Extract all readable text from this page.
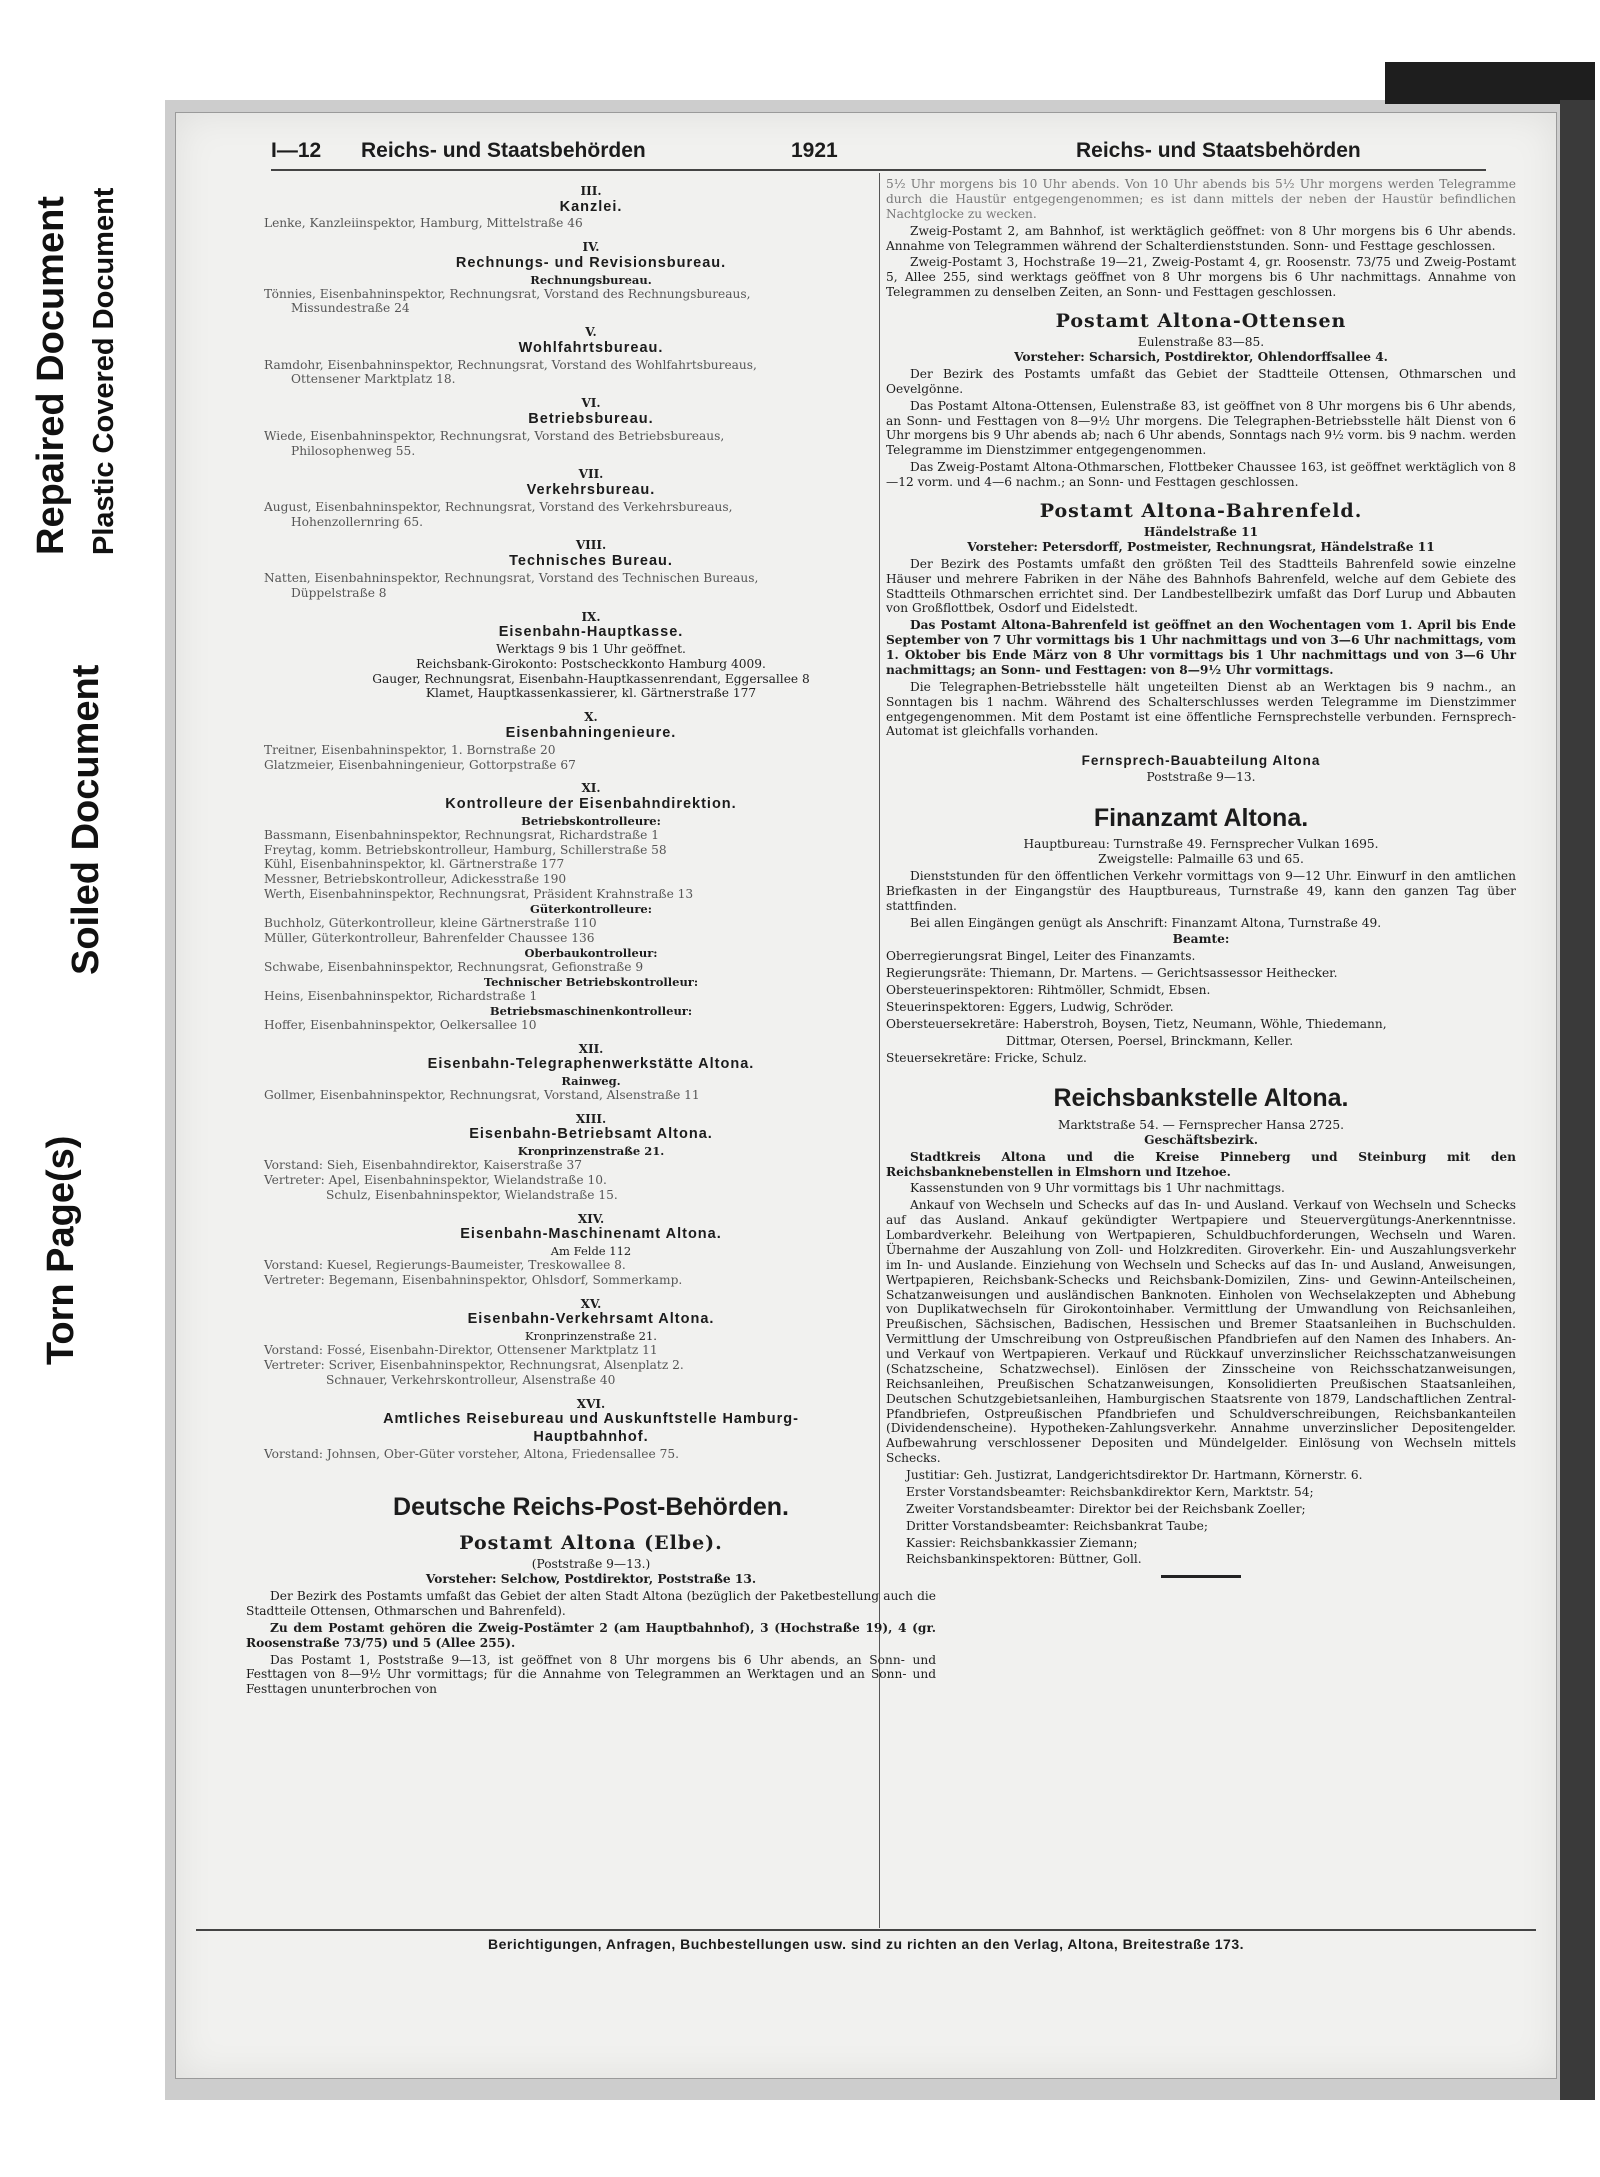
Repaired Document Plastic Covered Document
Soiled Document
Torn Page(s)
I—12 Reichs- und Staatsbehörden	1921	Reichs- und Staatsbehörden
III.
Kanzlei.
Lenke, Kanzleiinspektor, Hamburg, Mittelstraße 46
IV.
Rechnungs- und Revisionsbureau.
Rechnungsbureau.
Tönnies, Eisenbahninspektor, Rechnungsrat, Vorstand des Rechnungsbureaus,
Missundestraße 24
V.
Wohlfahrtsbureau.
Ramdohr, Eisenbahninspektor, Rechnungsrat, Vorstand des Wohlfahrtsbureaus,
Ottensener Marktplatz 18.
VI.
Betriebsbureau.
Wiede, Eisenbahninspektor, Rechnungsrat, Vorstand des Betriebsbureaus,
Philosophenweg 55.
VII.
Verkehrsbureau.
August, Eisenbahninspektor, Rechnungsrat, Vorstand des Verkehrsbureaus,
Hohenzollernring 65.
VIII.
Technisches Bureau.
Natten, Eisenbahninspektor, Rechnungsrat, Vorstand des Technischen Bureaus,
Düppelstraße 8
IX.
Eisenbahn-Hauptkasse.
Werktags 9 bis 1 Uhr geöffnet.
Reichsbank-Girokonto: Postscheckkonto Hamburg 4009.
Gauger, Rechnungsrat, Eisenbahn-Hauptkassenrendant, Eggersallee 8
Klamet, Hauptkassenkassierer, kl. Gärtnerstraße 177
X.
Eisenbahningenieure.
Treitner, Eisenbahninspektor, 1. Bornstraße 20
Glatzmeier, Eisenbahningenieur, Gottorpstraße 67
XI.
Kontrolleure der Eisenbahndirektion.
Betriebskontrolleure:
Bassmann, Eisenbahninspektor, Rechnungsrat, Richardstraße 1
Freytag, komm. Betriebskontrolleur, Hamburg, Schillerstraße 58
Kühl, Eisenbahninspektor, kl. Gärtnerstraße 177
Messner, Betriebskontrolleur, Adickesstraße 190
Werth, Eisenbahninspektor, Rechnungsrat, Präsident Krahnstraße 13
Güterkontrolleure:
Buchholz, Güterkontrolleur, kleine Gärtnerstraße 110
Müller, Güterkontrolleur, Bahrenfelder Chaussee 136
Oberbaukontrolleur:
Schwabe, Eisenbahninspektor, Rechnungsrat, Gefionstraße 9
Technischer Betriebskontrolleur:
Heins, Eisenbahninspektor, Richardstraße 1
Betriebsmaschinenkontrolleur:
Hoffer, Eisenbahninspektor, Oelkersallee 10
XII.
Eisenbahn-Telegraphenwerkstätte Altona.
Rainweg.
Gollmer, Eisenbahninspektor, Rechnungsrat, Vorstand, Alsenstraße 11
XIII.
Eisenbahn-Betriebsamt Altona.
Kronprinzenstraße 21.
Vorstand: Sieh, Eisenbahndirektor, Kaiserstraße 37
Vertreter: Apel, Eisenbahninspektor, Wielandstraße 10.
Schulz, Eisenbahninspektor, Wielandstraße 15.
XIV.
Eisenbahn-Maschinenamt Altona.
Am Felde 112
Vorstand: Kuesel, Regierungs-Baumeister, Treskowallee 8.
Vertreter: Begemann, Eisenbahninspektor, Ohlsdorf, Sommerkamp.
XV.
Eisenbahn-Verkehrsamt Altona.
Kronprinzenstraße 21.
Vorstand: Fossé, Eisenbahn-Direktor, Ottensener Marktplatz 11
Vertreter: Scriver, Eisenbahninspektor, Rechnungsrat, Alsenplatz 2.
Schnauer, Verkehrskontrolleur, Alsenstraße 40
XVI.
Amtliches Reisebureau und Auskunftstelle Hamburg-Hauptbahnhof.
Vorstand: Johnsen, Ober-Güter vorsteher, Altona, Friedensallee 75.
Deutsche Reichs-Post-Behörden.
Postamt Altona (Elbe).
(Poststraße 9—13.)
Vorsteher: Selchow, Postdirektor, Poststraße 13.
Der Bezirk des Postamts umfaßt das Gebiet der alten Stadt Altona (bezüglich der Paketbestellung auch die Stadtteile Ottensen, Othmarschen und Bahrenfeld).
Zu dem Postamt gehören die Zweig-Postämter 2 (am Hauptbahnhof), 3 (Hochstraße 19), 4 (gr. Roosenstraße 73/75) und 5 (Allee 255).
Das Postamt 1, Poststraße 9—13, ist geöffnet von 8 Uhr morgens bis 6 Uhr abends, an Sonn- und Festtagen von 8—9½ Uhr vormittags; für die Annahme von Telegrammen an Werktagen und an Sonn- und Festtagen ununterbrochen von
5½ Uhr morgens bis 10 Uhr abends. Von 10 Uhr abends bis 5½ Uhr morgens werden Telegramme durch die Haustür entgegengenommen; es ist dann mittels der neben der Haustür befindlichen Nachtglocke zu wecken.
Zweig-Postamt 2, am Bahnhof, ist werktäglich geöffnet: von 8 Uhr morgens bis 6 Uhr abends. Annahme von Telegrammen während der Schalterdienststunden. Sonn- und Festtage geschlossen.
Zweig-Postamt 3, Hochstraße 19—21, Zweig-Postamt 4, gr. Roosenstr. 73/75 und Zweig-Postamt 5, Allee 255, sind werktags geöffnet von 8 Uhr morgens bis 6 Uhr nachmittags. Annahme von Telegrammen zu denselben Zeiten, an Sonn- und Festtagen geschlossen.
Postamt Altona-Ottensen
Eulenstraße 83—85.
Vorsteher: Scharsich, Postdirektor, Ohlendorffsallee 4.
Der Bezirk des Postamts umfaßt das Gebiet der Stadtteile Ottensen, Othmarschen und Oevelgönne.
Das Postamt Altona-Ottensen, Eulenstraße 83, ist geöffnet von 8 Uhr morgens bis 6 Uhr abends, an Sonn- und Festtagen von 8—9½ Uhr morgens. Die Telegraphen-Betriebsstelle hält Dienst von 6 Uhr morgens bis 9 Uhr abends ab; nach 6 Uhr abends, Sonntags nach 9½ vorm. bis 9 nachm. werden Telegramme im Dienstzimmer entgegengenommen.
Das Zweig-Postamt Altona-Othmarschen, Flottbeker Chaussee 163, ist geöffnet werktäglich von 8—12 vorm. und 4—6 nachm.; an Sonn- und Festtagen geschlossen.
Postamt Altona-Bahrenfeld.
Händelstraße 11
Vorsteher: Petersdorff, Postmeister, Rechnungsrat, Händelstraße 11
Der Bezirk des Postamts umfaßt den größten Teil des Stadtteils Bahrenfeld sowie einzelne Häuser und mehrere Fabriken in der Nähe des Bahnhofs Bahrenfeld, welche auf dem Gebiete des Stadtteils Othmarschen errichtet sind. Der Landbestellbezirk umfaßt das Dorf Lurup und Abbauten von Großflottbek, Osdorf und Eidelstedt.
Das Postamt Altona-Bahrenfeld ist geöffnet an den Wochentagen vom 1. April bis Ende September von 7 Uhr vormittags bis 1 Uhr nachmittags und von 3—6 Uhr nachmittags, vom 1. Oktober bis Ende März von 8 Uhr vormittags bis 1 Uhr nachmittags und von 3—6 Uhr nachmittags; an Sonn- und Festtagen: von 8—9½ Uhr vormittags.
Die Telegraphen-Betriebsstelle hält ungeteilten Dienst ab an Werktagen bis 9 nachm., an Sonntagen bis 1 nachm. Während des Schalterschlusses werden Telegramme im Dienstzimmer entgegengenommen. Mit dem Postamt ist eine öffentliche Fernsprechstelle verbunden. Fernsprech-Automat ist gleichfalls vorhanden.
Fernsprech-Bauabteilung Altona
Poststraße 9—13.
Finanzamt Altona.
Hauptbureau: Turnstraße 49. Fernsprecher Vulkan 1695.
Zweigstelle: Palmaille 63 und 65.
Dienststunden für den öffentlichen Verkehr vormittags von 9—12 Uhr. Einwurf in den amtlichen Briefkasten in der Eingangstür des Hauptbureaus, Turnstraße 49, kann den ganzen Tag über stattfinden.
Bei allen Eingängen genügt als Anschrift: Finanzamt Altona, Turnstraße 49.
Beamte:
Oberregierungsrat Bingel, Leiter des Finanzamts.
Regierungsräte: Thiemann, Dr. Martens. — Gerichtsassessor Heithecker.
Obersteuerinspektoren: Rihtmöller, Schmidt, Ebsen.
Steuerinspektoren: Eggers, Ludwig, Schröder.
Obersteuersekretäre: Haberstroh, Boysen, Tietz, Neumann, Wöhle, Thiedemann,
Dittmar, Otersen, Poersel, Brinckmann, Keller.
Steuersekretäre: Fricke, Schulz.
Reichsbankstelle Altona.
Marktstraße 54. — Fernsprecher Hansa 2725.
Geschäftsbezirk.
Stadtkreis Altona und die Kreise Pinneberg und Steinburg mit den Reichsbanknebenstellen in Elmshorn und Itzehoe.
Kassenstunden von 9 Uhr vormittags bis 1 Uhr nachmittags.
Ankauf von Wechseln und Schecks auf das In- und Ausland. Verkauf von Wechseln und Schecks auf das Ausland. Ankauf gekündigter Wertpapiere und Steuervergütungs-Anerkenntnisse. Lombardverkehr. Beleihung von Wertpapieren, Schuldbuchforderungen, Wechseln und Waren. Übernahme der Auszahlung von Zoll- und Holzkrediten. Giroverkehr. Ein- und Auszahlungsverkehr im In- und Auslande. Einziehung von Wechseln und Schecks auf das In- und Ausland, Anweisungen, Wertpapieren, Reichsbank-Schecks und Reichsbank-Domizilen, Zins- und Gewinn-Anteilscheinen, Schatzanweisungen und ausländischen Banknoten. Einholen von Wechselakzepten und Abhebung von Duplikatwechseln für Girokontoinhaber. Vermittlung der Umwandlung von Reichsanleihen, Preußischen, Sächsischen, Badischen, Hessischen und Bremer Staatsanleihen in Buchschulden. Vermittlung der Umschreibung von Ostpreußischen Pfandbriefen auf den Namen des Inhabers. An- und Verkauf von Wertpapieren. Verkauf und Rückkauf unverzinslicher Reichsschatzanweisungen (Schatzscheine, Schatzwechsel). Einlösen der Zinsscheine von Reichsschatzanweisungen, Reichsanleihen, Preußischen Schatzanweisungen, Konsolidierten Preußischen Staatsanleihen, Deutschen Schutzgebietsanleihen, Hamburgischen Staatsrente von 1879, Landschaftlichen Zentral-Pfandbriefen, Ostpreußischen Pfandbriefen und Schuldverschreibungen, Reichsbankanteilen (Dividendenscheine). Hypotheken-Zahlungsverkehr. Annahme unverzinslicher Depositengelder. Aufbewahrung verschlossener Depositen und Mündelgelder. Einlösung von Wechseln mittels Schecks.
Justitiar: Geh. Justizrat, Landgerichtsdirektor Dr. Hartmann, Körnerstr. 6.
Erster Vorstandsbeamter: Reichsbankdirektor Kern, Marktstr. 54;
Zweiter Vorstandsbeamter: Direktor bei der Reichsbank Zoeller;
Dritter Vorstandsbeamter: Reichsbankrat Taube;
Kassier: Reichsbankkassier Ziemann;
Reichsbankinspektoren: Büttner, Goll.
Berichtigungen, Anfragen, Buchbestellungen usw. sind zu richten an den Verlag, Altona, Breitestraße 173.
